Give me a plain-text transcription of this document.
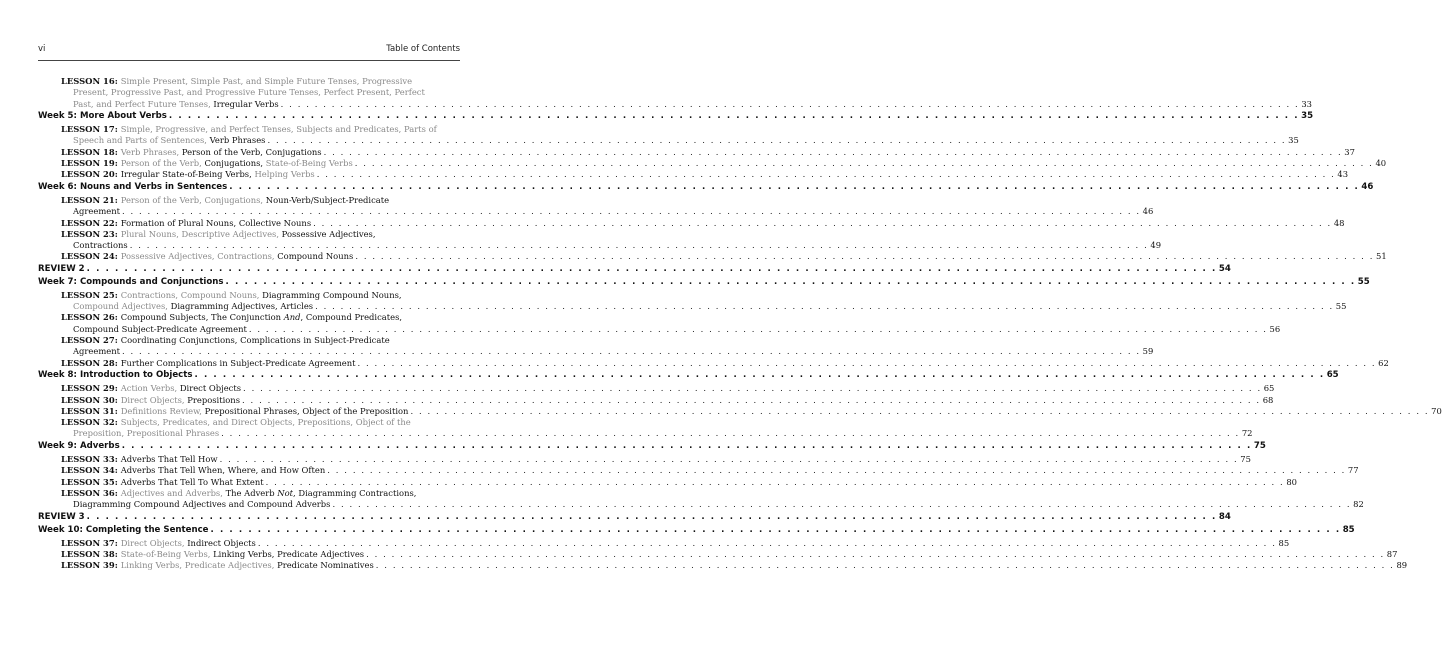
vi	Table of Contents
LESSON 16: Simple Present, Simple Past, and Simple Future Tenses, Progressive
Present, Progressive Past, and Progressive Future Tenses, Perfect Present, Perfect
Past, and Perfect Future Tenses, Irregular Verbs . . . . . . . . . . . . . . . . . . . . . . . . . . . . . . . . . . . . . . . . . . . . . . . . . . . . . . . . . . . . . . . . . . . . . . . . . . . . . . . . . . . . . . . . . . . . . . . . . . . . . . . . . . . . . . . . . . . . . . . . 33
Week 5: More About Verbs . . . . . . . . . . . . . . . . . . . . . . . . . . . . . . . . . . . . . . . . . . . . . . . . . . . . . . . . . . . . . . . . . . . . . . . . . . . . . . . . . . . . . . . . . . . . . . . . . . . . . . . . . . . . . . . . . . . . . . . . 35
LESSON 17: Simple, Progressive, and Perfect Tenses, Subjects and Predicates, Parts of
Speech and Parts of Sentences, Verb Phrases . . . . . . . . . . . . . . . . . . . . . . . . . . . . . . . . . . . . . . . . . . . . . . . . . . . . . . . . . . . . . . . . . . . . . . . . . . . . . . . . . . . . . . . . . . . . . . . . . . . . . . . . . . . . . . . . . . . . . . . . 35
LESSON 18: Verb Phrases, Person of the Verb, Conjugations . . . . . . . . . . . . . . . . . . . . . . . . . . . . . . . . . . . . . . . . . . . . . . . . . . . . . . . . . . . . . . . . . . . . . . . . . . . . . . . . . . . . . . . . . . . . . . . . . . . . . . . . . . . . . . . . . . . . . . . . 37
LESSON 19: Person of the Verb, Conjugations, State-of-Being Verbs . . . . . . . . . . . . . . . . . . . . . . . . . . . . . . . . . . . . . . . . . . . . . . . . . . . . . . . . . . . . . . . . . . . . . . . . . . . . . . . . . . . . . . . . . . . . . . . . . . . . . . . . . . . . . . . . . . . . . . . . 40
LESSON 20: Irregular State-of-Being Verbs, Helping Verbs . . . . . . . . . . . . . . . . . . . . . . . . . . . . . . . . . . . . . . . . . . . . . . . . . . . . . . . . . . . . . . . . . . . . . . . . . . . . . . . . . . . . . . . . . . . . . . . . . . . . . . . . . . . . . . . . . . . . . . . . 43
Week 6: Nouns and Verbs in Sentences . . . . . . . . . . . . . . . . . . . . . . . . . . . . . . . . . . . . . . . . . . . . . . . . . . . . . . . . . . . . . . . . . . . . . . . . . . . . . . . . . . . . . . . . . . . . . . . . . . . . . . . . . . . . . . . . . . . . . . . . 46
LESSON 21: Person of the Verb, Conjugations, Noun-Verb/Subject-Predicate
Agreement . . . . . . . . . . . . . . . . . . . . . . . . . . . . . . . . . . . . . . . . . . . . . . . . . . . . . . . . . . . . . . . . . . . . . . . . . . . . . . . . . . . . . . . . . . . . . . . . . . . . . . . . . . . . . . . . . . . . . . . . 46
LESSON 22: Formation of Plural Nouns, Collective Nouns . . . . . . . . . . . . . . . . . . . . . . . . . . . . . . . . . . . . . . . . . . . . . . . . . . . . . . . . . . . . . . . . . . . . . . . . . . . . . . . . . . . . . . . . . . . . . . . . . . . . . . . . . . . . . . . . . . . . . . . . 48
LESSON 23: Plural Nouns, Descriptive Adjectives, Possessive Adjectives,
Contractions . . . . . . . . . . . . . . . . . . . . . . . . . . . . . . . . . . . . . . . . . . . . . . . . . . . . . . . . . . . . . . . . . . . . . . . . . . . . . . . . . . . . . . . . . . . . . . . . . . . . . . . . . . . . . . . . . . . . . . . . 49
LESSON 24: Possessive Adjectives, Contractions, Compound Nouns . . . . . . . . . . . . . . . . . . . . . . . . . . . . . . . . . . . . . . . . . . . . . . . . . . . . . . . . . . . . . . . . . . . . . . . . . . . . . . . . . . . . . . . . . . . . . . . . . . . . . . . . . . . . . . . . . . . . . . . . 51
REVIEW 2 . . . . . . . . . . . . . . . . . . . . . . . . . . . . . . . . . . . . . . . . . . . . . . . . . . . . . . . . . . . . . . . . . . . . . . . . . . . . . . . . . . . . . . . . . . . . . . . . . . . . . . . . . . . . . . . . . . . . . . . . 54
Week 7: Compounds and Conjunctions . . . . . . . . . . . . . . . . . . . . . . . . . . . . . . . . . . . . . . . . . . . . . . . . . . . . . . . . . . . . . . . . . . . . . . . . . . . . . . . . . . . . . . . . . . . . . . . . . . . . . . . . . . . . . . . . . . . . . . . . 55
LESSON 25: Contractions, Compound Nouns, Diagramming Compound Nouns,
Compound Adjectives, Diagramming Adjectives, Articles . . . . . . . . . . . . . . . . . . . . . . . . . . . . . . . . . . . . . . . . . . . . . . . . . . . . . . . . . . . . . . . . . . . . . . . . . . . . . . . . . . . . . . . . . . . . . . . . . . . . . . . . . . . . . . . . . . . . . . . . 55
LESSON 26: Compound Subjects, The Conjunction And, Compound Predicates,
Compound Subject-Predicate Agreement . . . . . . . . . . . . . . . . . . . . . . . . . . . . . . . . . . . . . . . . . . . . . . . . . . . . . . . . . . . . . . . . . . . . . . . . . . . . . . . . . . . . . . . . . . . . . . . . . . . . . . . . . . . . . . . . . . . . . . . . 56
LESSON 27: Coordinating Conjunctions, Complications in Subject-Predicate
Agreement . . . . . . . . . . . . . . . . . . . . . . . . . . . . . . . . . . . . . . . . . . . . . . . . . . . . . . . . . . . . . . . . . . . . . . . . . . . . . . . . . . . . . . . . . . . . . . . . . . . . . . . . . . . . . . . . . . . . . . . . 59
LESSON 28: Further Complications in Subject-Predicate Agreement . . . . . . . . . . . . . . . . . . . . . . . . . . . . . . . . . . . . . . . . . . . . . . . . . . . . . . . . . . . . . . . . . . . . . . . . . . . . . . . . . . . . . . . . . . . . . . . . . . . . . . . . . . . . . . . . . . . . . . . . 62
Week 8: Introduction to Objects . . . . . . . . . . . . . . . . . . . . . . . . . . . . . . . . . . . . . . . . . . . . . . . . . . . . . . . . . . . . . . . . . . . . . . . . . . . . . . . . . . . . . . . . . . . . . . . . . . . . . . . . . . . . . . . . . . . . . . . . 65
LESSON 29: Action Verbs, Direct Objects . . . . . . . . . . . . . . . . . . . . . . . . . . . . . . . . . . . . . . . . . . . . . . . . . . . . . . . . . . . . . . . . . . . . . . . . . . . . . . . . . . . . . . . . . . . . . . . . . . . . . . . . . . . . . . . . . . . . . . . . 65
LESSON 30: Direct Objects, Prepositions . . . . . . . . . . . . . . . . . . . . . . . . . . . . . . . . . . . . . . . . . . . . . . . . . . . . . . . . . . . . . . . . . . . . . . . . . . . . . . . . . . . . . . . . . . . . . . . . . . . . . . . . . . . . . . . . . . . . . . . . 68
LESSON 31: Definitions Review, Prepositional Phrases, Object of the Preposition . . . . . . . . . . . . . . . . . . . . . . . . . . . . . . . . . . . . . . . . . . . . . . . . . . . . . . . . . . . . . . . . . . . . . . . . . . . . . . . . . . . . . . . . . . . . . . . . . . . . . . . . . . . . . . . . . . . . . . . . 70
LESSON 32: Subjects, Predicates, and Direct Objects, Prepositions, Object of the
Preposition, Prepositional Phrases . . . . . . . . . . . . . . . . . . . . . . . . . . . . . . . . . . . . . . . . . . . . . . . . . . . . . . . . . . . . . . . . . . . . . . . . . . . . . . . . . . . . . . . . . . . . . . . . . . . . . . . . . . . . . . . . . . . . . . . . 72
Week 9: Adverbs . . . . . . . . . . . . . . . . . . . . . . . . . . . . . . . . . . . . . . . . . . . . . . . . . . . . . . . . . . . . . . . . . . . . . . . . . . . . . . . . . . . . . . . . . . . . . . . . . . . . . . . . . . . . . . . . . . . . . . . . 75
LESSON 33: Adverbs That Tell How . . . . . . . . . . . . . . . . . . . . . . . . . . . . . . . . . . . . . . . . . . . . . . . . . . . . . . . . . . . . . . . . . . . . . . . . . . . . . . . . . . . . . . . . . . . . . . . . . . . . . . . . . . . . . . . . . . . . . . . . 75
LESSON 34: Adverbs That Tell When, Where, and How Often . . . . . . . . . . . . . . . . . . . . . . . . . . . . . . . . . . . . . . . . . . . . . . . . . . . . . . . . . . . . . . . . . . . . . . . . . . . . . . . . . . . . . . . . . . . . . . . . . . . . . . . . . . . . . . . . . . . . . . . . 77
LESSON 35: Adverbs That Tell To What Extent . . . . . . . . . . . . . . . . . . . . . . . . . . . . . . . . . . . . . . . . . . . . . . . . . . . . . . . . . . . . . . . . . . . . . . . . . . . . . . . . . . . . . . . . . . . . . . . . . . . . . . . . . . . . . . . . . . . . . . . . 80
LESSON 36: Adjectives and Adverbs, The Adverb Not, Diagramming Contractions,
Diagramming Compound Adjectives and Compound Adverbs . . . . . . . . . . . . . . . . . . . . . . . . . . . . . . . . . . . . . . . . . . . . . . . . . . . . . . . . . . . . . . . . . . . . . . . . . . . . . . . . . . . . . . . . . . . . . . . . . . . . . . . . . . . . . . . . . . . . . . . . 82
REVIEW 3 . . . . . . . . . . . . . . . . . . . . . . . . . . . . . . . . . . . . . . . . . . . . . . . . . . . . . . . . . . . . . . . . . . . . . . . . . . . . . . . . . . . . . . . . . . . . . . . . . . . . . . . . . . . . . . . . . . . . . . . . 84
Week 10: Completing the Sentence . . . . . . . . . . . . . . . . . . . . . . . . . . . . . . . . . . . . . . . . . . . . . . . . . . . . . . . . . . . . . . . . . . . . . . . . . . . . . . . . . . . . . . . . . . . . . . . . . . . . . . . . . . . . . . . . . . . . . . . . 85
LESSON 37: Direct Objects, Indirect Objects . . . . . . . . . . . . . . . . . . . . . . . . . . . . . . . . . . . . . . . . . . . . . . . . . . . . . . . . . . . . . . . . . . . . . . . . . . . . . . . . . . . . . . . . . . . . . . . . . . . . . . . . . . . . . . . . . . . . . . . . 85
LESSON 38: State-of-Being Verbs, Linking Verbs, Predicate Adjectives . . . . . . . . . . . . . . . . . . . . . . . . . . . . . . . . . . . . . . . . . . . . . . . . . . . . . . . . . . . . . . . . . . . . . . . . . . . . . . . . . . . . . . . . . . . . . . . . . . . . . . . . . . . . . . . . . . . . . . . . 87
LESSON 39: Linking Verbs, Predicate Adjectives, Predicate Nominatives . . . . . . . . . . . . . . . . . . . . . . . . . . . . . . . . . . . . . . . . . . . . . . . . . . . . . . . . . . . . . . . . . . . . . . . . . . . . . . . . . . . . . . . . . . . . . . . . . . . . . . . . . . . . . . . . . . . . . . . . 89
